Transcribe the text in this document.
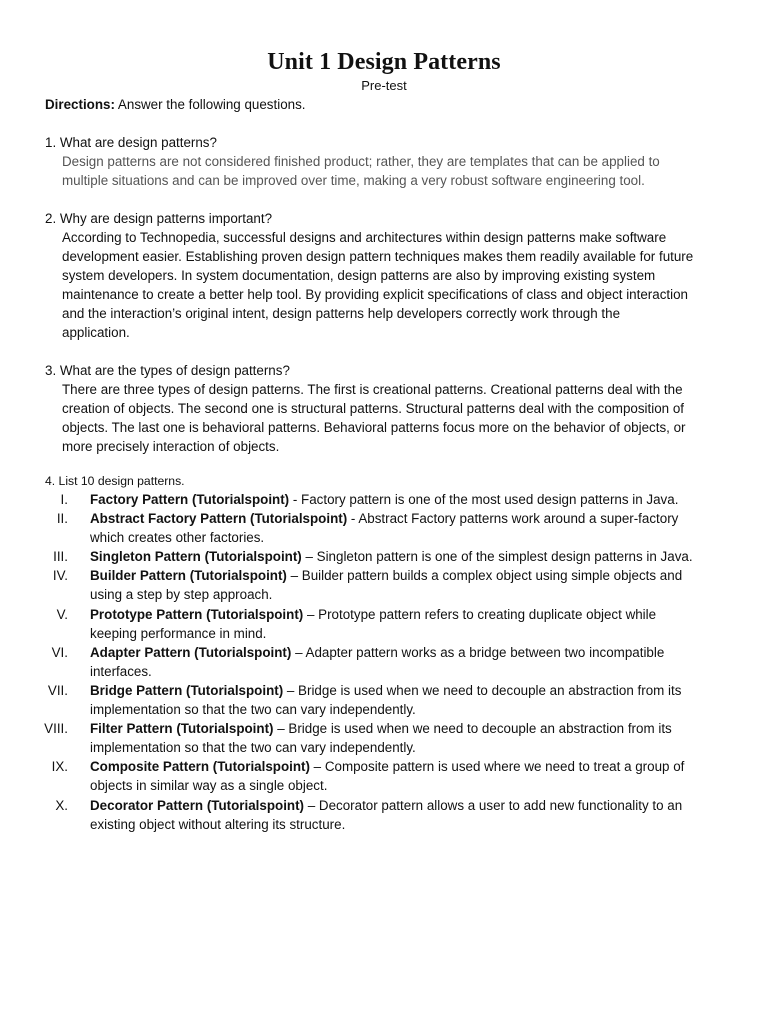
Unit 1 Design Patterns
Pre-test
Directions: Answer the following questions.
1. What are design patterns?
Design patterns are not considered finished product; rather, they are templates that can be applied to
multiple situations and can be improved over time, making a very robust software engineering tool.
2. Why are design patterns important?
According to Technopedia, successful designs and architectures within design patterns make software
development easier. Establishing proven design pattern techniques makes them readily available for future
system developers. In system documentation, design patterns are also by improving existing system
maintenance to create a better help tool. By providing explicit specifications of class and object interaction
and the interaction’s original intent, design patterns help developers correctly work through the
application.
3. What are the types of design patterns?
There are three types of design patterns. The first is creational patterns. Creational patterns deal with the
creation of objects. The second one is structural patterns. Structural patterns deal with the composition of
objects. The last one is behavioral patterns. Behavioral patterns focus more on the behavior of objects, or
more precisely interaction of objects.
4. List 10 design patterns.
I. Factory Pattern (Tutorialspoint) - Factory pattern is one of the most used design patterns in Java.
II. Abstract Factory Pattern (Tutorialspoint) - Abstract Factory patterns work around a super-factory
which creates other factories.
III. Singleton Pattern (Tutorialspoint) – Singleton pattern is one of the simplest design patterns in Java.
IV. Builder Pattern (Tutorialspoint) – Builder pattern builds a complex object using simple objects and
using a step by step approach.
V. Prototype Pattern (Tutorialspoint) – Prototype pattern refers to creating duplicate object while
keeping performance in mind.
VI. Adapter Pattern (Tutorialspoint) – Adapter pattern works as a bridge between two incompatible
interfaces.
VII. Bridge Pattern (Tutorialspoint) – Bridge is used when we need to decouple an abstraction from its
implementation so that the two can vary independently.
VIII. Filter Pattern (Tutorialspoint) – Bridge is used when we need to decouple an abstraction from its
implementation so that the two can vary independently.
IX. Composite Pattern (Tutorialspoint) – Composite pattern is used where we need to treat a group of
objects in similar way as a single object.
X. Decorator Pattern (Tutorialspoint) – Decorator pattern allows a user to add new functionality to an
existing object without altering its structure.
